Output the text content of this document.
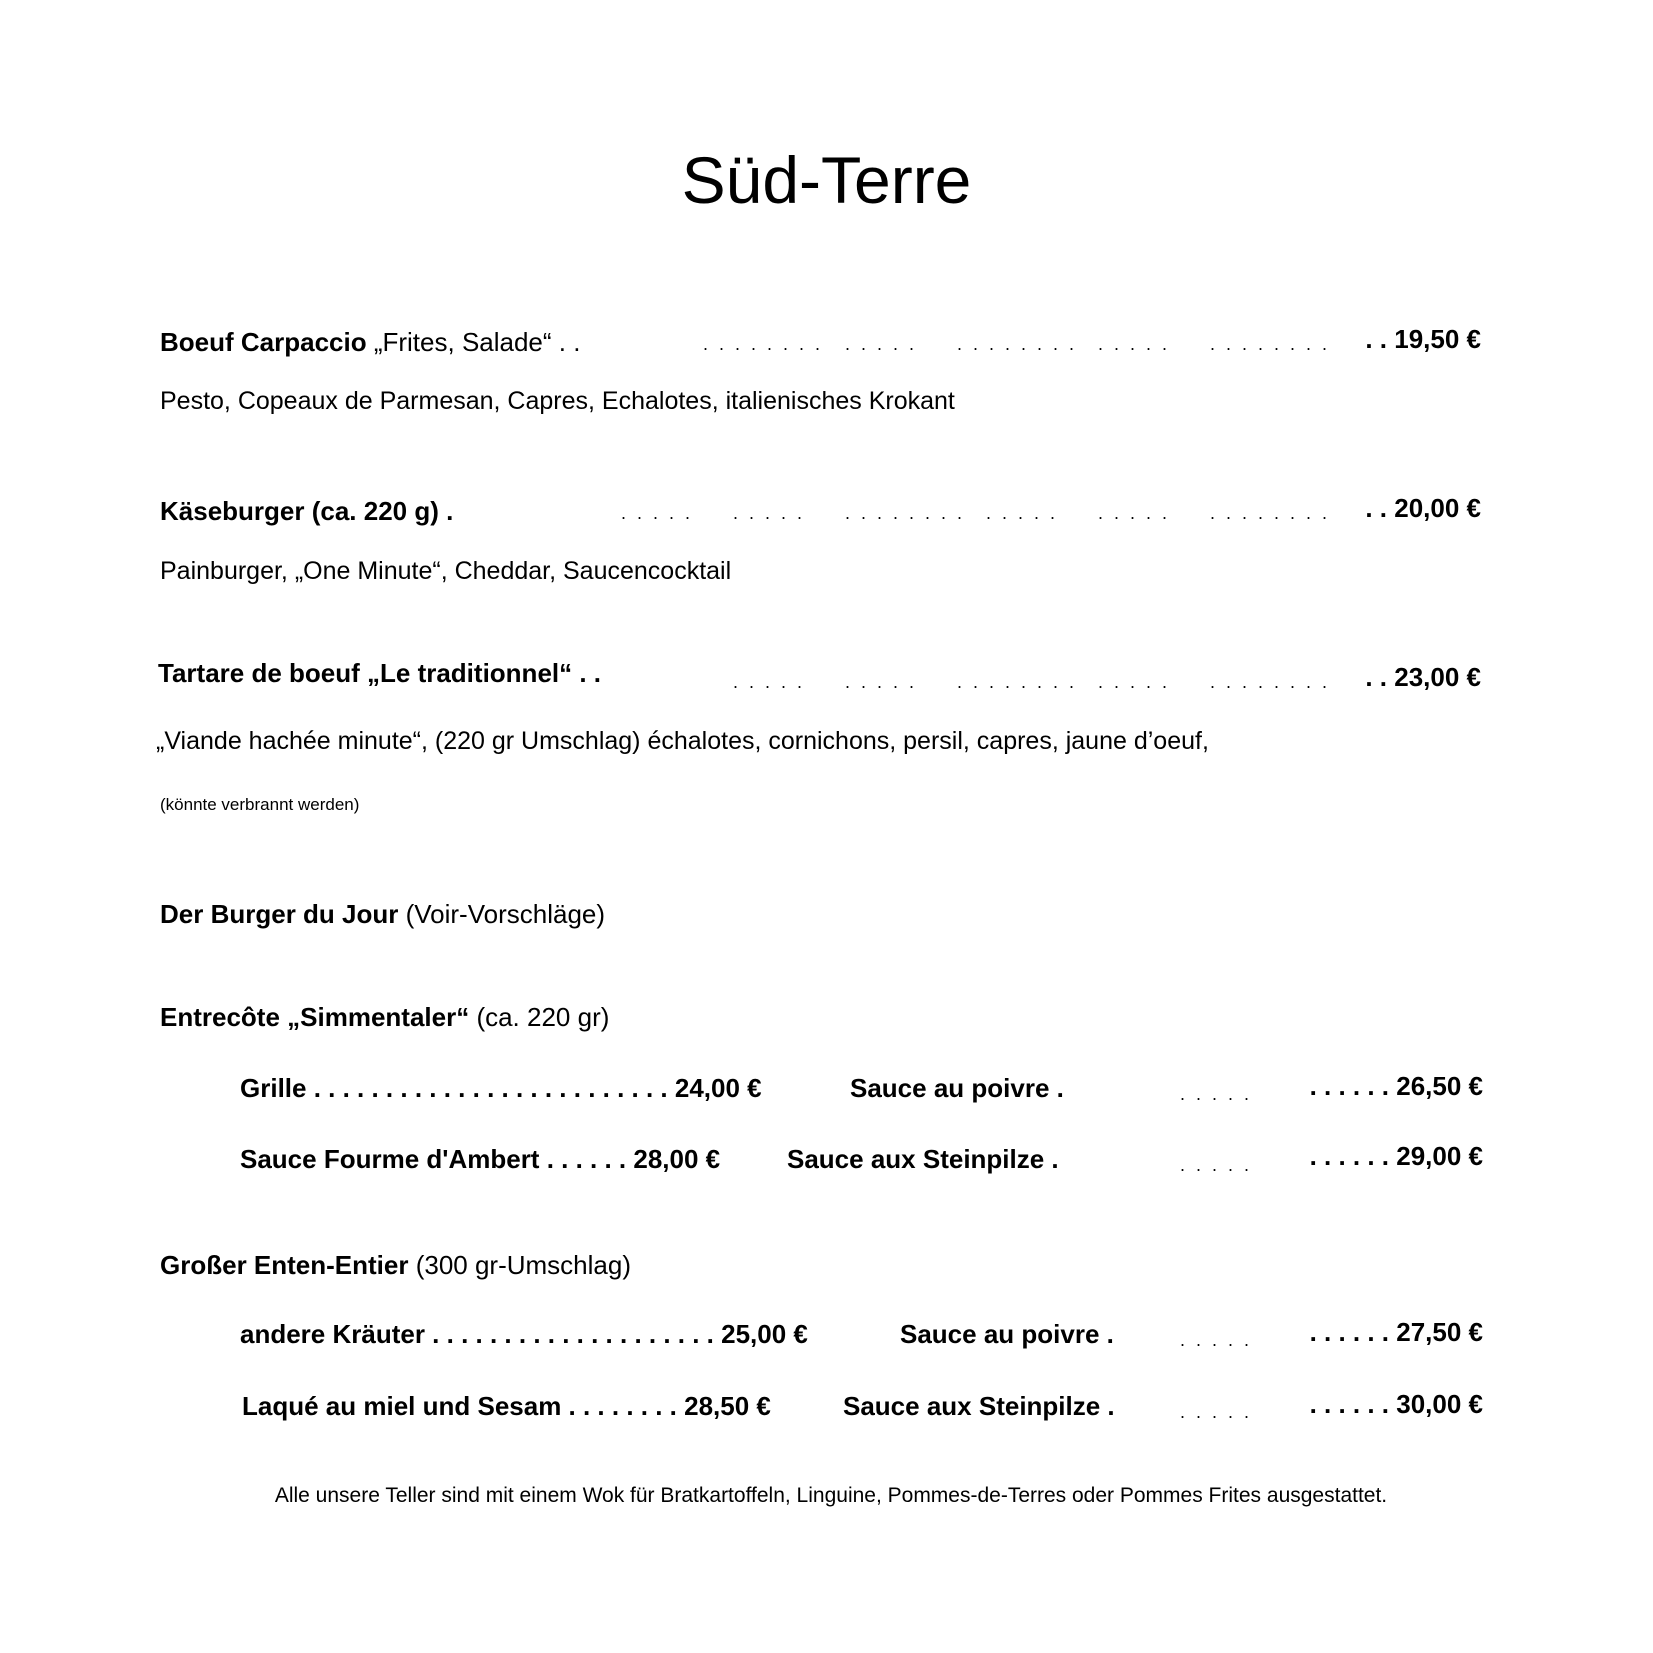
Süd-Terre
Boeuf Carpaccio „Frites, Salade“ . .	. . . . . . . . . . . . . . . . . . . . . . . . . . . . . . . . . . . . 19,50 €
Pesto, Copeaux de Parmesan, Capres, Echalotes, italienisches Krokant
Käseburger (ca. 220 g) .	. . . . . . . . . . . . . . . . . . . . . . . . . . . . . . . . . . . . . . 20,00 €
Painburger, „One Minute“, Cheddar, Saucencocktail
Tartare de boeuf „Le traditionnel“ . .	. . . . . . . . . . . . . . . . . . . . . . . . . . . . . . . . . 23,00 €
„Viande hachée minute“, (220 gr Umschlag) échalotes, cornichons, persil, capres, jaune d’oeuf,
(könnte verbrannt werden)
Der Burger du Jour (Voir-Vorschläge)
Entrecôte „Simmentaler“ (ca. 220 gr)
Grille . . . . . . . . . . . . . . . . . . . . . . . . . 24,00 €	Sauce au poivre .	. . . . . . . . . . . 26,50 €
Sauce Fourme d'Ambert . . . . . . 28,00 €	Sauce aux Steinpilze .	. . . . . . . . . . . 29,00 €
Großer Enten-Entier (300 gr-Umschlag)
andere Kräuter . . . . . . . . . . . . . . . . . . . . 25,00 €	Sauce au poivre .	. . . . . . . . . . . 27,50 €
Laqué au miel und Sesam . . . . . . . . 28,50 €	Sauce aux Steinpilze .	. . . . . . . . . . . 30,00 €
Alle unsere Teller sind mit einem Wok für Bratkartoffeln, Linguine, Pommes-de-Terres oder Pommes Frites ausgestattet.
